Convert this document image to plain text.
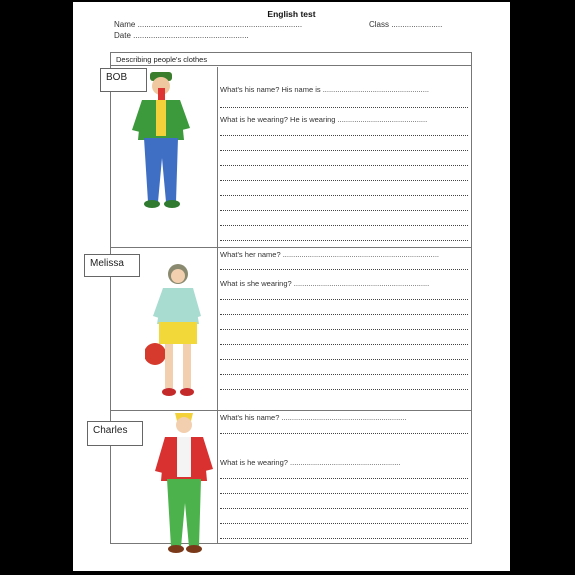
English test
Name ..........................................................................	Class .......................
Date ....................................................
Describing people's clothes
What's his name? His name is ...................................................
What is he wearing? He is wearing ...........................................
What's her name? ...........................................................................
What is she wearing? .................................................................
What's his name? ............................................................
What is he wearing? .....................................................
BOB
Melissa
Charles
